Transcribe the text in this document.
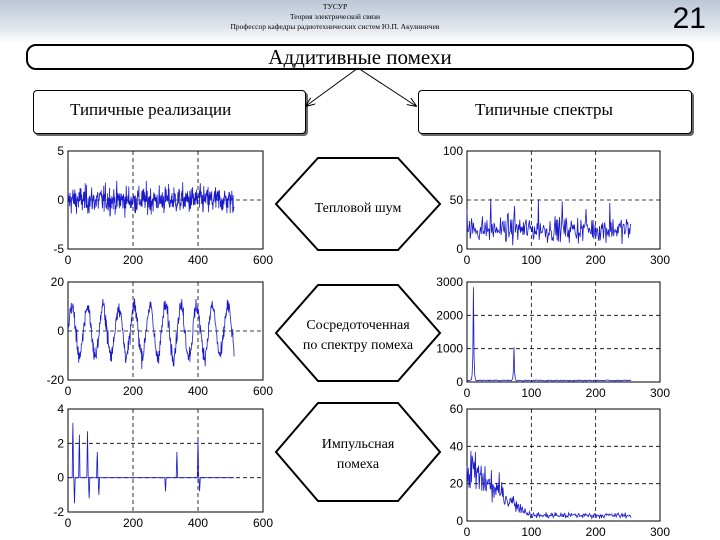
ТУСУР
Теория электрической связи
Профессор кафедры радиотехнических систем Ю.П. Акулиничев	21
Аддитивные помехи
Типичные реализации	Типичные спектры
0	200	400	600
5
0
-5
0	100	200	300
100
50
0
0	200	400	600
20
0
-20
0	100	200	300
3000
2000
1000
0
0	200	400	600
4
2
0
-2
0	100	200	300
60
40
20
0
Тепловой шум
Сосредоточенная
по спектру помеха
Импульсная
помеха
